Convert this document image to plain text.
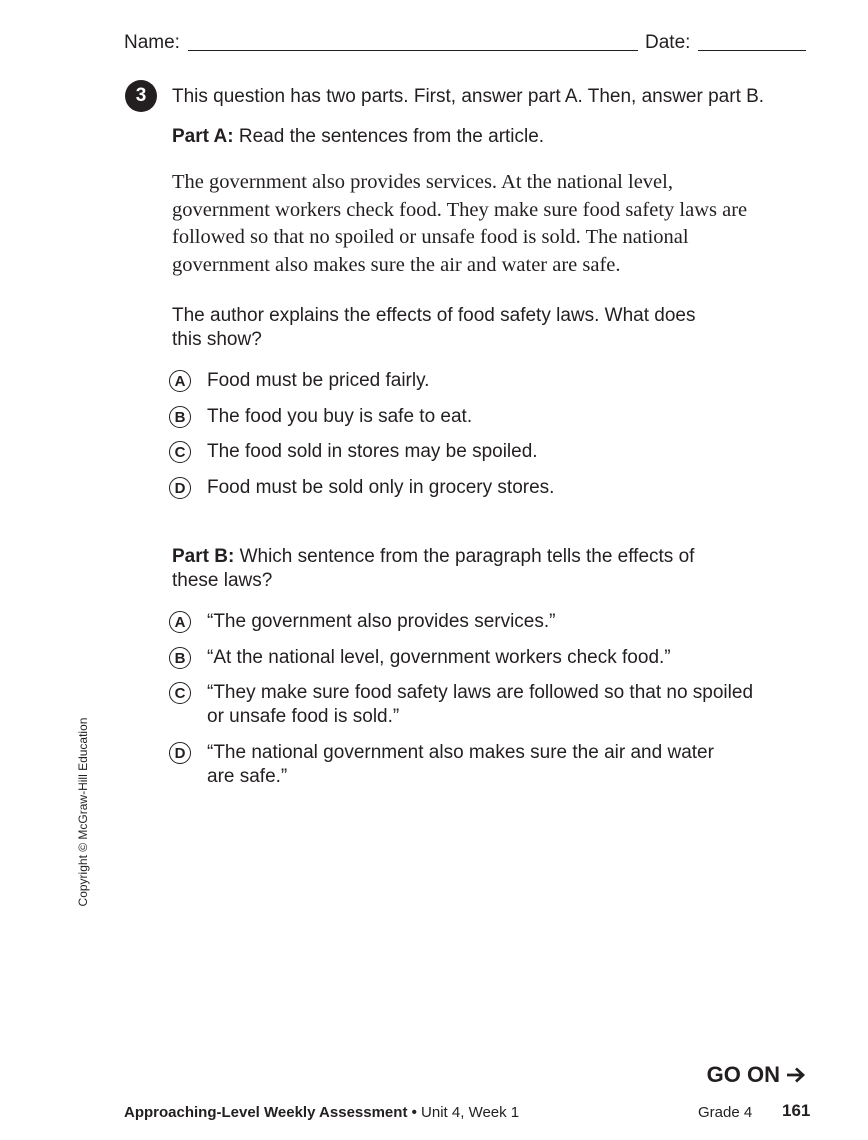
Name:	Date:
3	This question has two parts. First, answer part A. Then, answer part B.
Part A: Read the sentences from the article.
The government also provides services. At the national level,
government workers check food. They make sure food safety laws are
followed so that no spoiled or unsafe food is sold. The national
government also makes sure the air and water are safe.
The author explains the effects of food safety laws. What does
this show?
A Food must be priced fairly.
B The food you buy is safe to eat.
C The food sold in stores may be spoiled.
D Food must be sold only in grocery stores.
Part B: Which sentence from the paragraph tells the effects of
these laws?
A “The government also provides services.”
B “At the national level, government workers check food.”
C “They make sure food safety laws are followed so that no spoiled
or unsafe food is sold.”
D “The national government also makes sure the air and water
are safe.”
Copyright © McGraw-Hill Education
GO ON
Approaching-Level Weekly Assessment • Unit 4, Week 1	Grade 4 161
